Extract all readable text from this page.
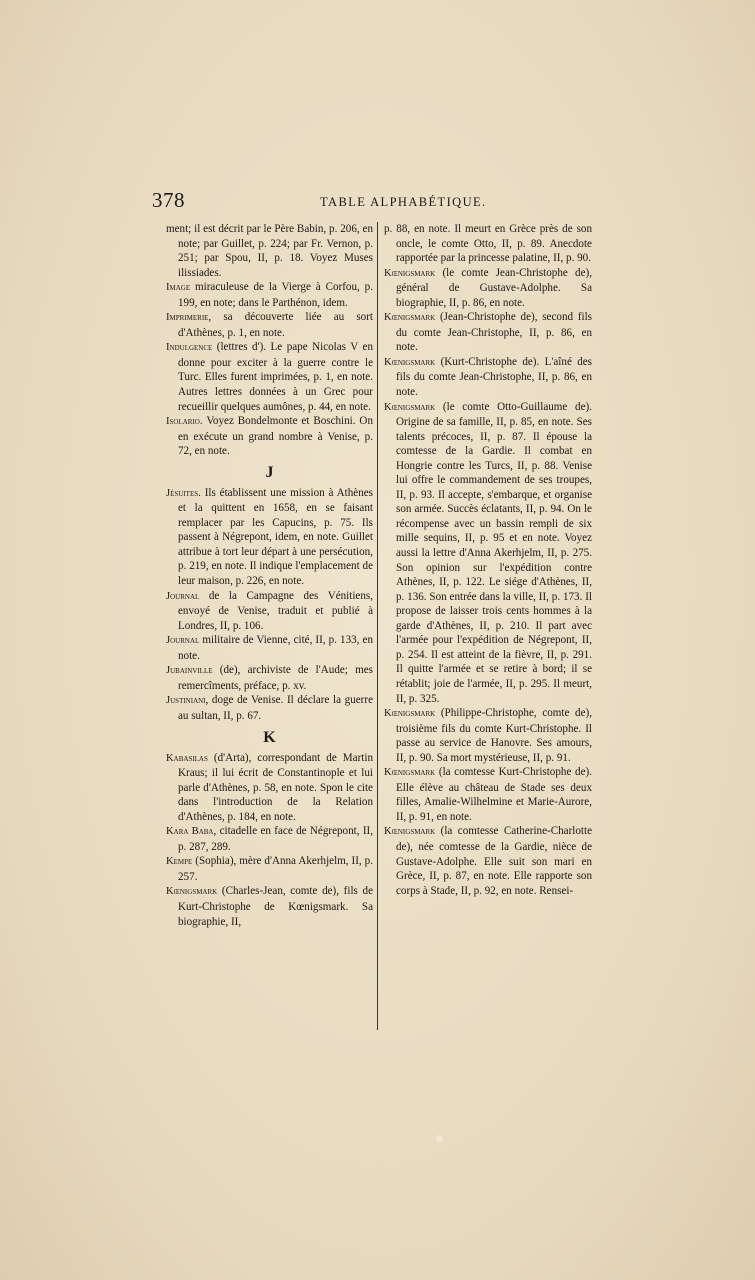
378	TABLE ALPHABÉTIQUE.

ment; il est décrit par le Père Babin, p. 206, en note; par Guillet, p. 224; par Fr. Vernon, p. 251; par Spou, II, p. 18. Voyez Muses ilissiades.

Image miraculeuse de la Vierge à Corfou, p. 199, en note; dans le Parthénon, idem.

Imprimerie, sa découverte liée au sort d'Athènes, p. 1, en note.

Indulgence (lettres d'). Le pape Nicolas V en donne pour exciter à la guerre contre le Turc. Elles furent imprimées, p. 1, en note. Autres lettres données à un Grec pour recueillir quelques aumônes, p. 44, en note.

Isolario. Voyez Bondelmonte et Boschini. On en exécute un grand nombre à Venise, p. 72, en note.

J

Jésuites. Ils établissent une mission à Athènes et la quittent en 1658, en se faisant remplacer par les Capucins, p. 75. Ils passent à Négrepont, idem, en note. Guillet attribue à tort leur départ à une persécution, p. 219, en note. Il indique l'emplacement de leur maison, p. 226, en note.

Journal de la Campagne des Vénitiens, envoyé de Venise, traduit et publié à Londres, II, p. 106.

Journal militaire de Vienne, cité, II, p. 133, en note.

Jubainville (de), archiviste de l'Aude; mes remercîments, préface, p. xv.

Justiniani, doge de Venise. Il déclare la guerre au sultan, II, p. 67.

K

Kabasilas (d'Arta), correspondant de Martin Kraus; il lui écrit de Constantinople et lui parle d'Athènes, p. 58, en note. Spon le cite dans l'introduction de la Relation d'Athènes, p. 184, en note.

Kara Baba, citadelle en face de Négrepont, II, p. 287, 289.

Kempe (Sophia), mère d'Anna Akerhjelm, II, p. 257.

Kœnigsmark (Charles-Jean, comte de), fils de Kurt-Christophe de Kœnigsmark. Sa biographie, II,

p. 88, en note. Il meurt en Grèce près de son oncle, le comte Otto, II, p. 89. Anecdote rapportée par la princesse palatine, II, p. 90.

Kœnigsmark (le comte Jean-Christophe de), général de Gustave-Adolphe. Sa biographie, II, p. 86, en note.

Kœnigsmark (Jean-Christophe de), second fils du comte Jean-Christophe, II, p. 86, en note.

Kœnigsmark (Kurt-Christophe de). L'aîné des fils du comte Jean-Christophe, II, p. 86, en note.

Kœnigsmark (le comte Otto-Guillaume de). Origine de sa famille, II, p. 85, en note. Ses talents précoces, II, p. 87. Il épouse la comtesse de la Gardie. Il combat en Hongrie contre les Turcs, II, p. 88. Venise lui offre le commandement de ses troupes, II, p. 93. Il accepte, s'embarque, et organise son armée. Succès éclatants, II, p. 94. On le récompense avec un bassin rempli de six mille sequins, II, p. 95 et en note. Voyez aussi la lettre d'Anna Akerhjelm, II, p. 275. Son opinion sur l'expédition contre Athènes, II, p. 122. Le siége d'Athènes, II, p. 136. Son entrée dans la ville, II, p. 173. Il propose de laisser trois cents hommes à la garde d'Athènes, II, p. 210. Il part avec l'armée pour l'expédition de Négrepont, II, p. 254. Il est atteint de la fièvre, II, p. 291. Il quitte l'armée et se retire à bord; il se rétablit; joie de l'armée, II, p. 295. Il meurt, II, p. 325.

Kœnigsmark (Philippe-Christophe, comte de), troisième fils du comte Kurt-Christophe. Il passe au service de Hanovre. Ses amours, II, p. 90. Sa mort mystérieuse, II, p. 91.

Kœnigsmark (la comtesse Kurt-Christophe de). Elle élève au château de Stade ses deux filles, Amalie-Wilhelmine et Marie-Aurore, II, p. 91, en note.

Kœnigsmark (la comtesse Catherine-Charlotte de), née comtesse de la Gardie, nièce de Gustave-Adolphe. Elle suit son mari en Grèce, II, p. 87, en note. Elle rapporte son corps à Stade, II, p. 92, en note. Rensei-
